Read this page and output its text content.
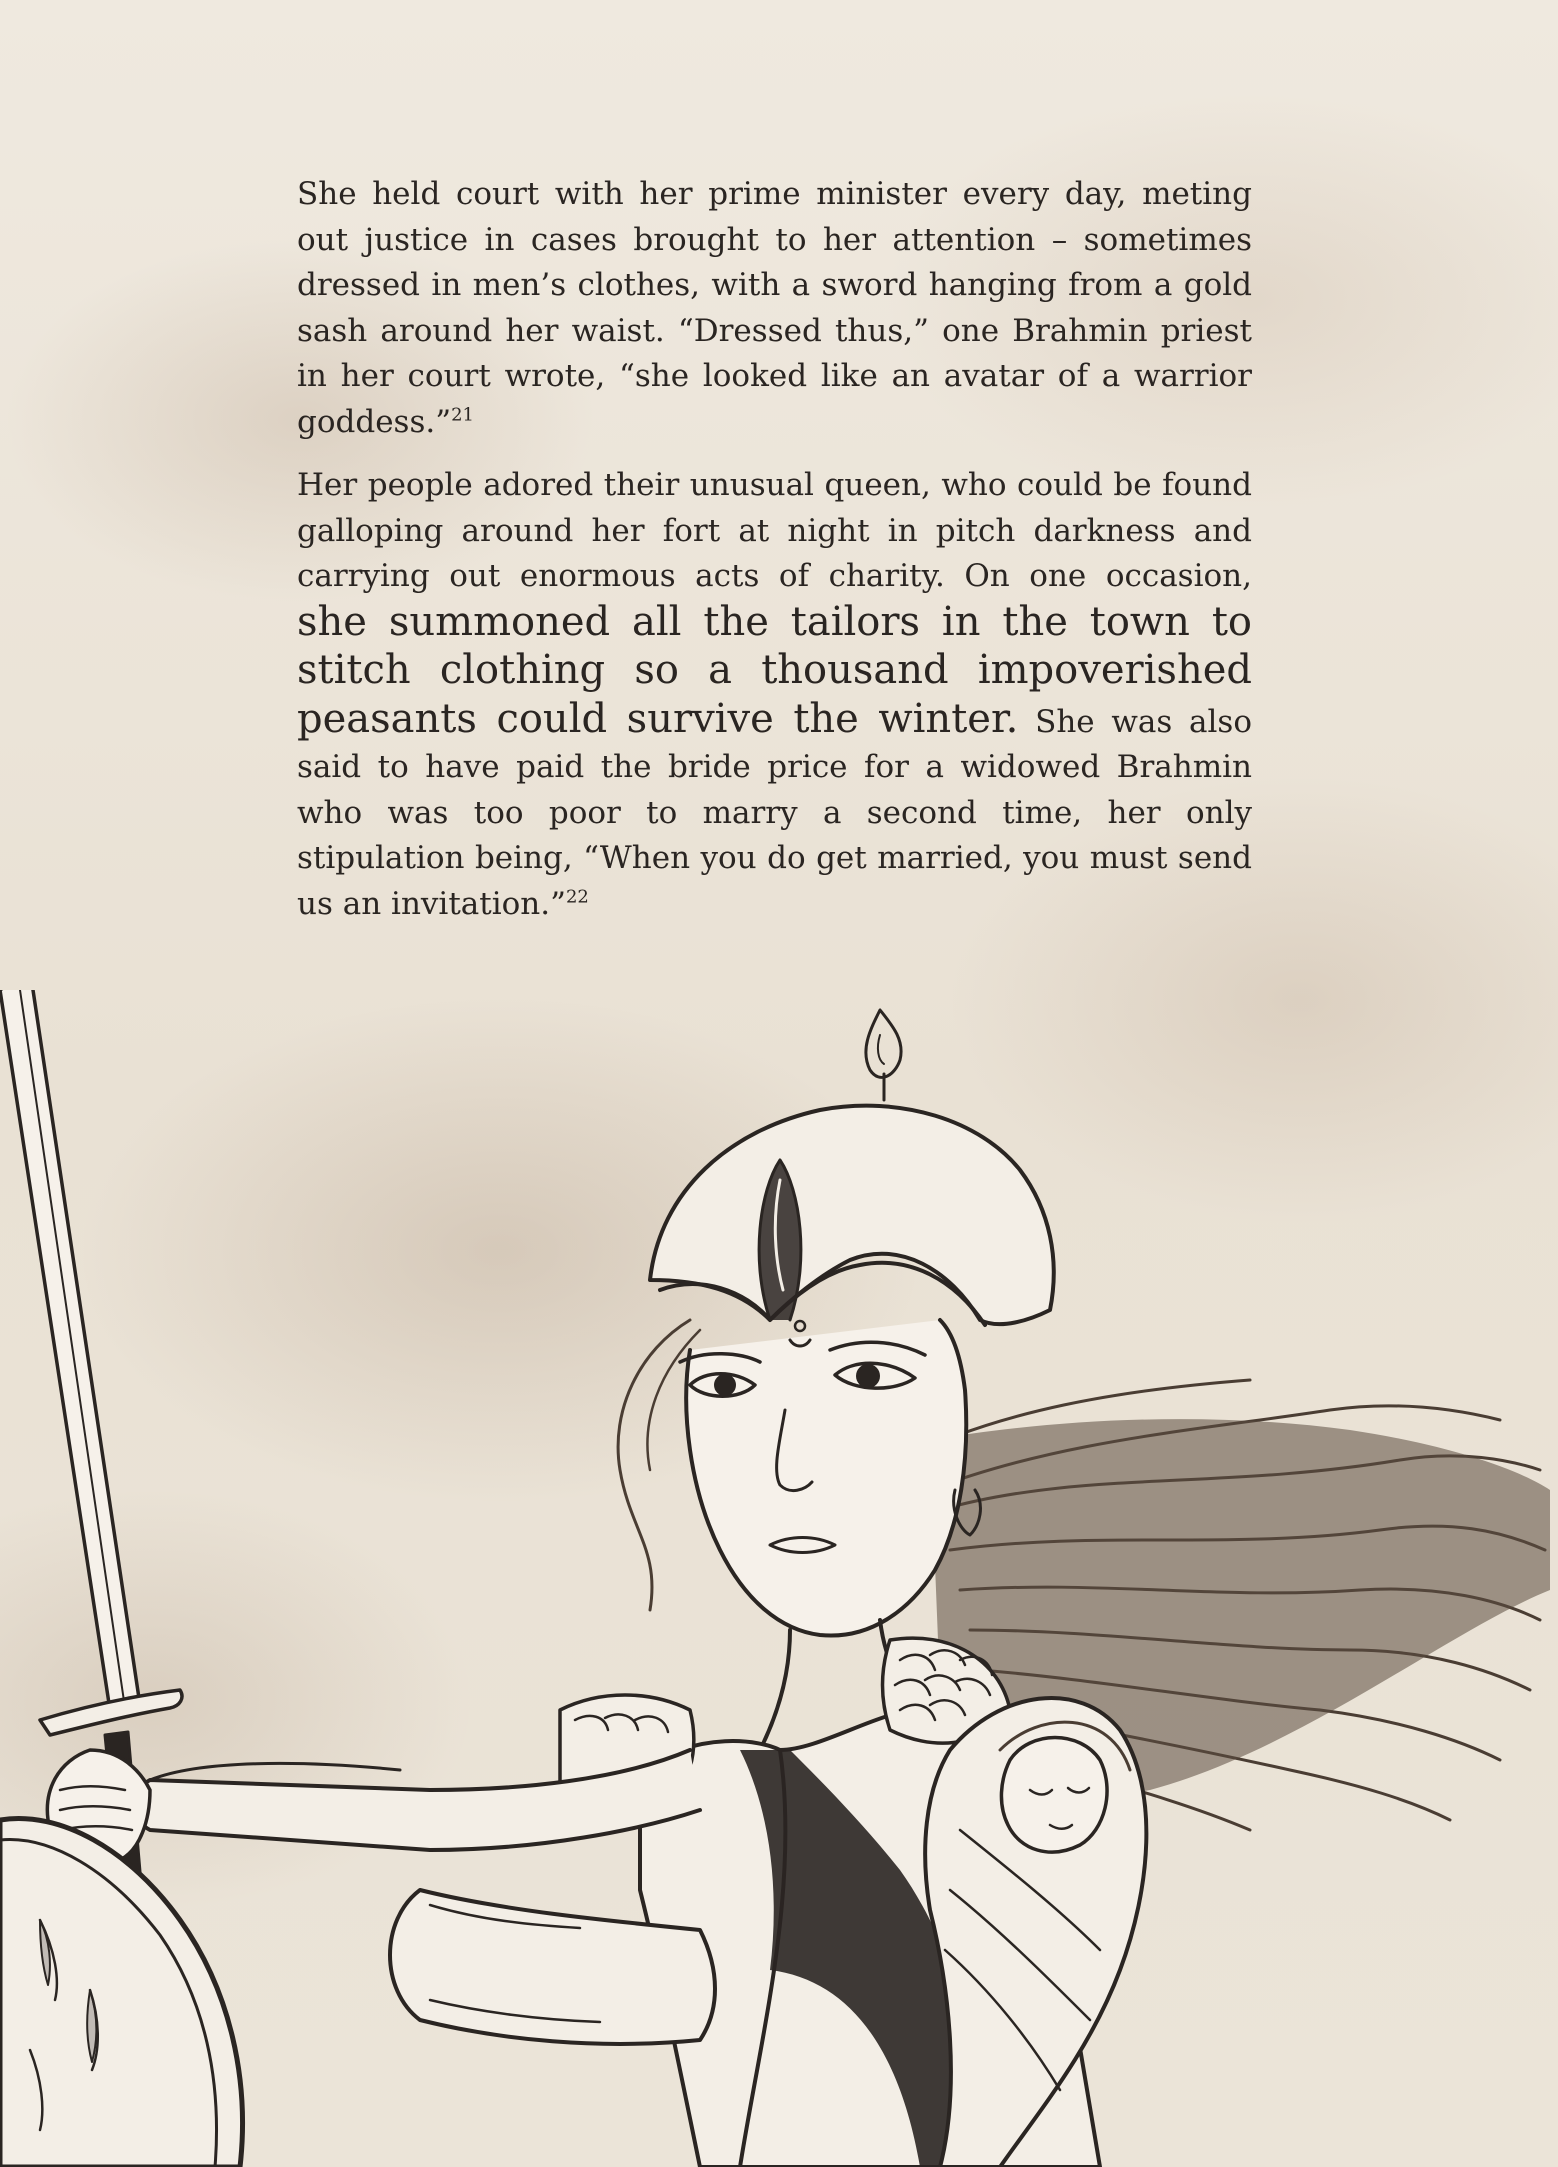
She held court with her prime minister every day, meting out justice in cases brought to her attention – sometimes dressed in men’s clothes, with a sword hanging from a gold sash around her waist. “Dressed thus,” one Brahmin priest in her court wrote, “she looked like an avatar of a warrior goddess.”$^{21}$

Her people adored their unusual queen, who could be found galloping around her fort at night in pitch darkness and carrying out enormous acts of charity. On one occasion, she summoned all the tailors in the town to stitch clothing so a thousand impoverished peasants could survive the winter. She was also said to have paid the bride price for a widowed Brahmin who was too poor to marry a second time, her only stipulation being, “When you do get married, you must send us an invitation.”$^{22}$
